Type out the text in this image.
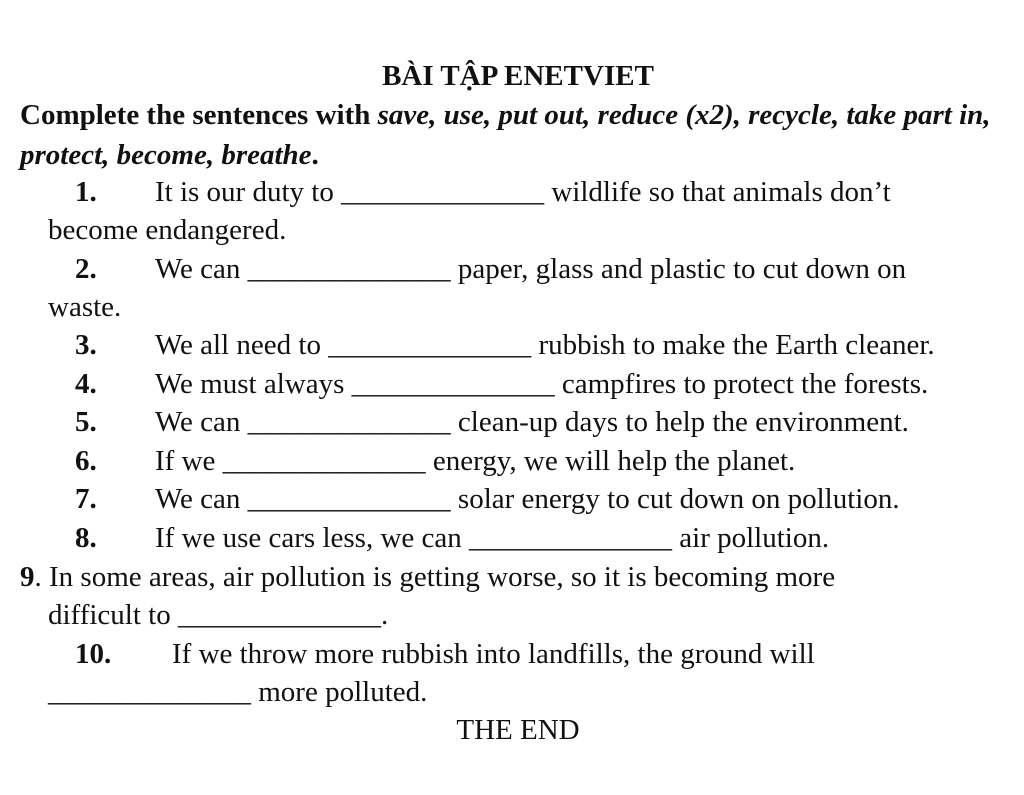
BÀI TẬP ENETVIET
Complete the sentences with save, use, put out, reduce (x2), recycle, take part in, protect, become, breathe.
1. It is our duty to ______________ wildlife so that animals don’t
become endangered.
2. We can ______________ paper, glass and plastic to cut down on
waste.
3. We all need to ______________ rubbish to make the Earth cleaner.
4. We must always ______________ campfires to protect the forests.
5. We can ______________ clean-up days to help the environment.
6. If we ______________ energy, we will help the planet.
7. We can ______________ solar energy to cut down on pollution.
8. If we use cars less, we can ______________ air pollution.
9. In some areas, air pollution is getting worse, so it is becoming more
difficult to ______________.
10. If we throw more rubbish into landfills, the ground will
______________ more polluted.
THE END
